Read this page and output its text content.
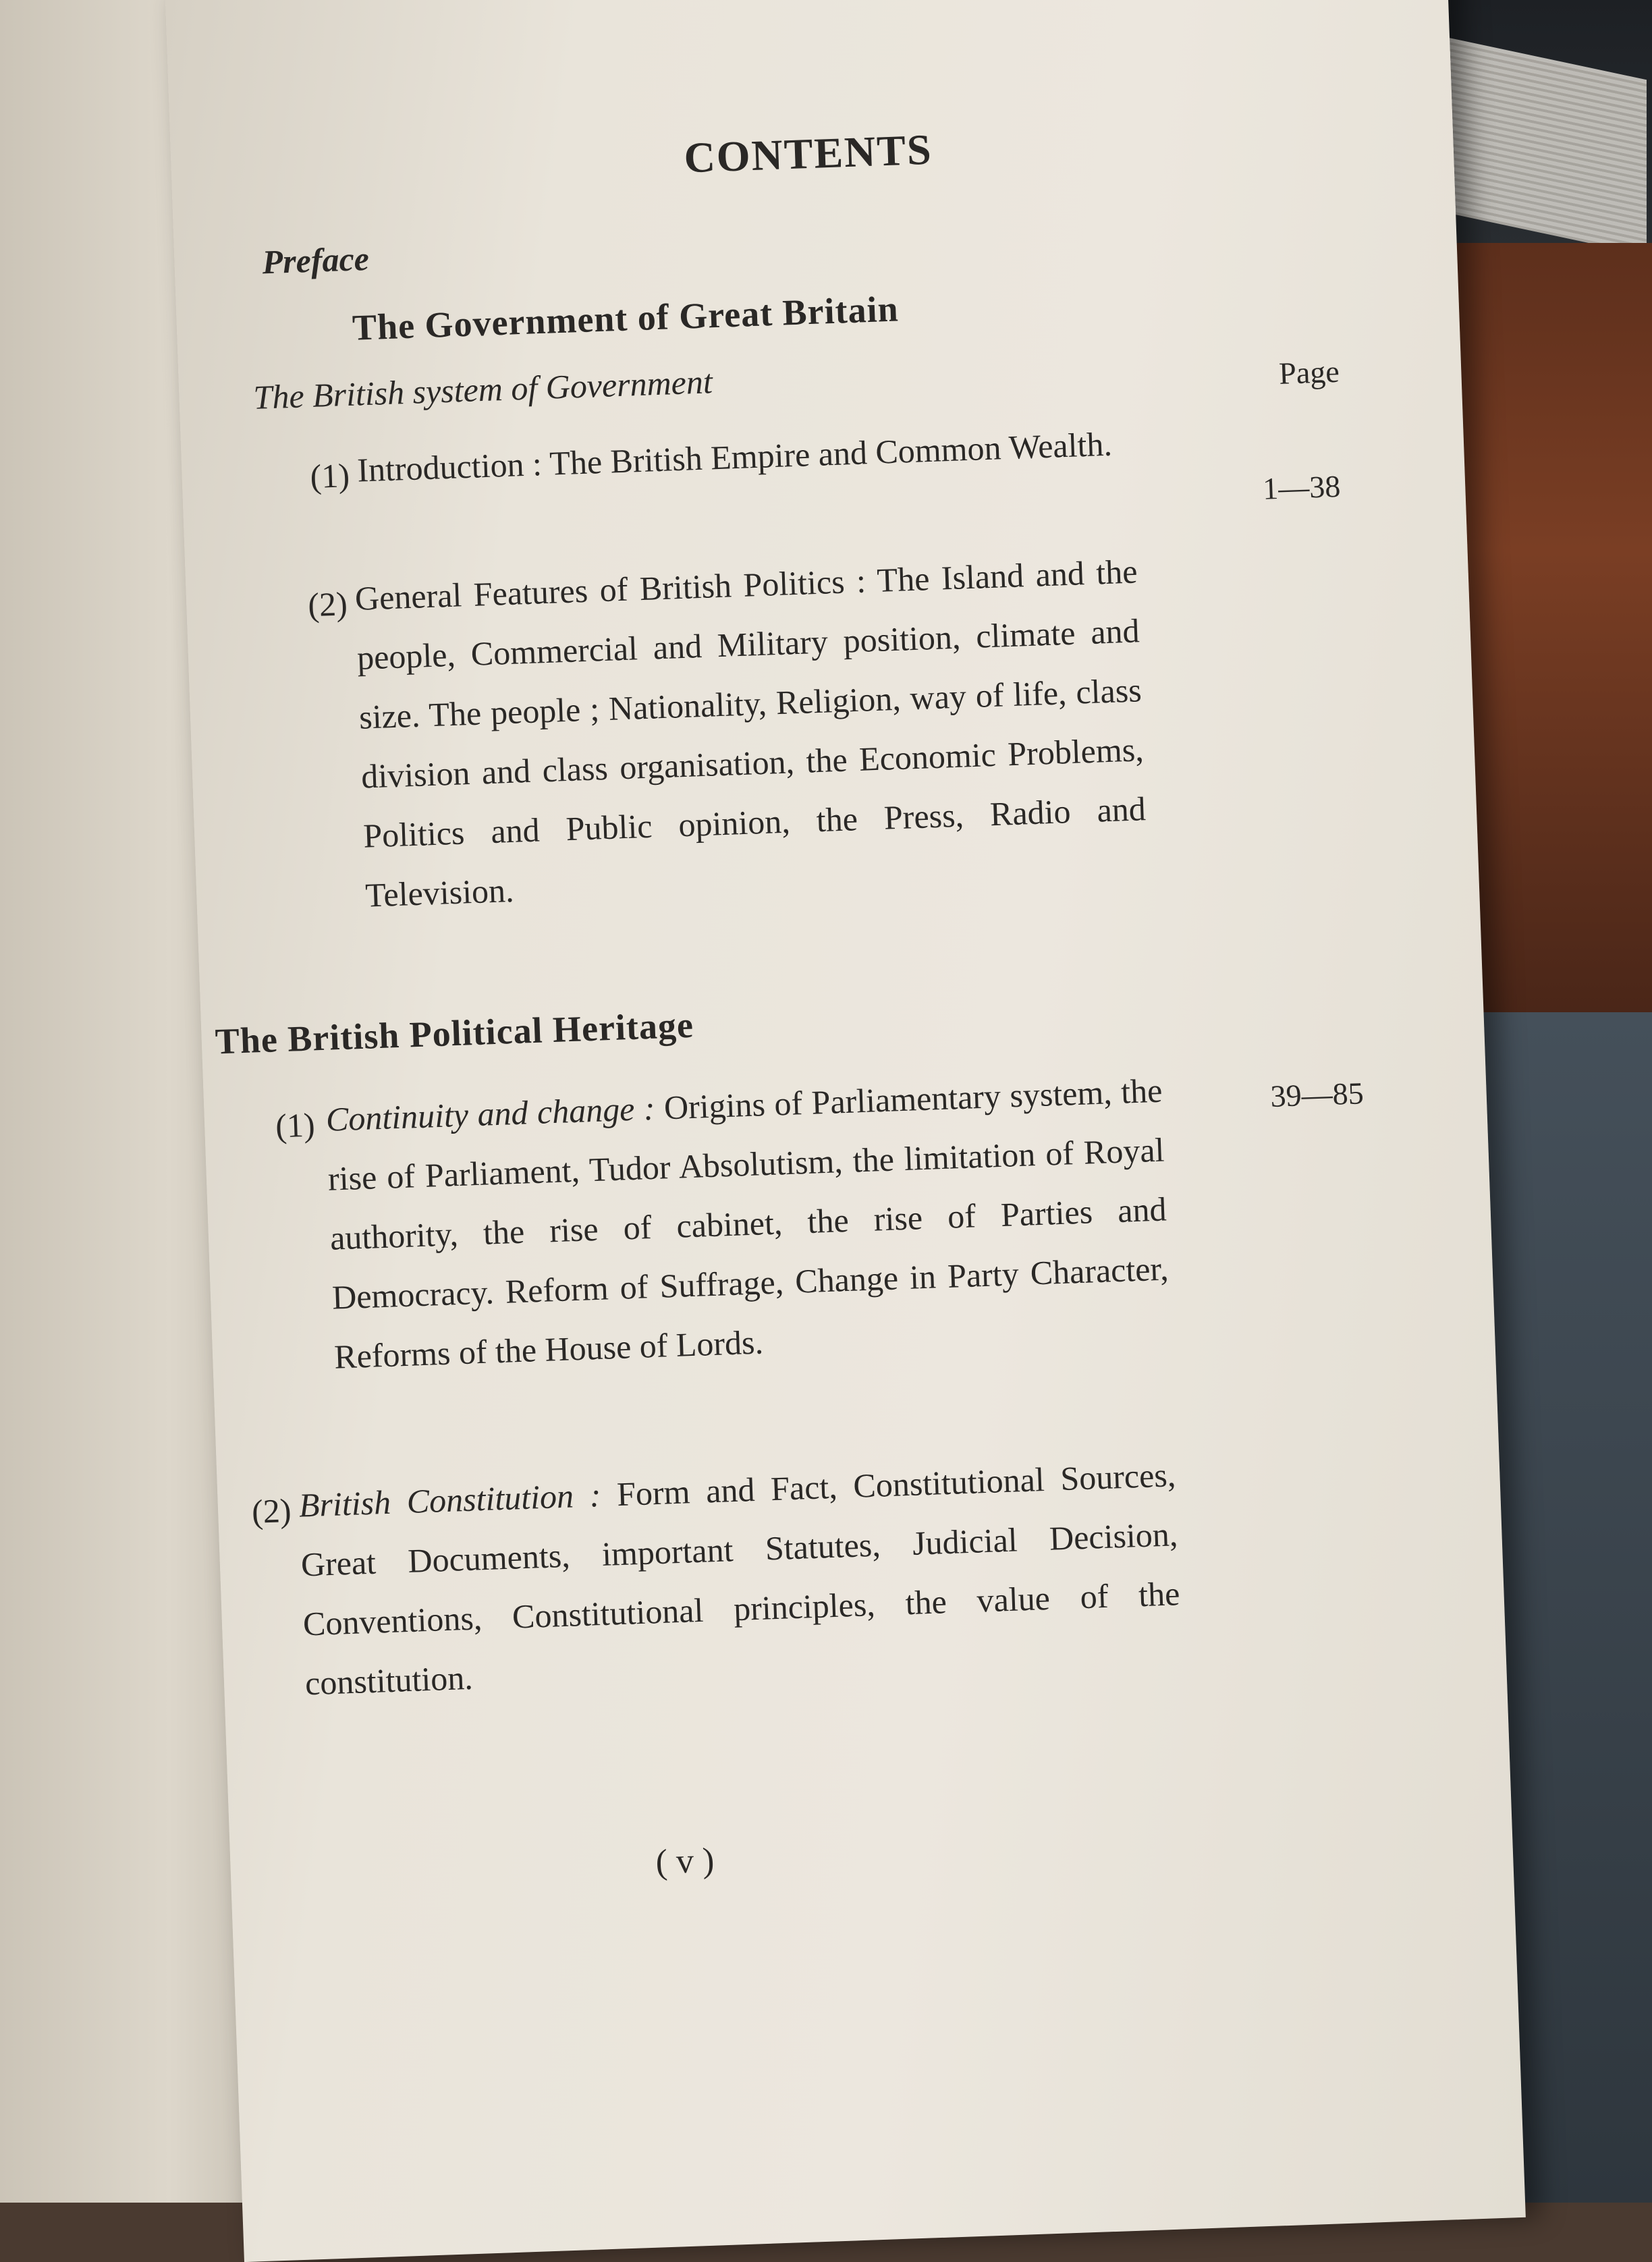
CONTENTS
Preface
The Government of Great Britain
The British system of Government	Page
(1) Introduction : The British Empire and Common Wealth.	1—38
(2) General Features of British Politics : The Island and the people, Commercial and Military position, climate and size. The people ; Nationality, Religion, way of life, class division and class organisation, the Economic Problems, Politics and Public opinion, the Press, Radio and Television.
The British Political Heritage
39—85
(1) Continuity and change : Origins of Parliamentary system, the rise of Parliament, Tudor Absolutism, the limitation of Royal authority, the rise of cabinet, the rise of Parties and Democracy. Reform of Suffrage, Change in Party Character, Reforms of the House of Lords.
(2) British Constitution : Form and Fact, Constitutional Sources, Great Documents, important Statutes, Judicial Decision, Conventions, Constitutional principles, the value of the constitution.
( v )
